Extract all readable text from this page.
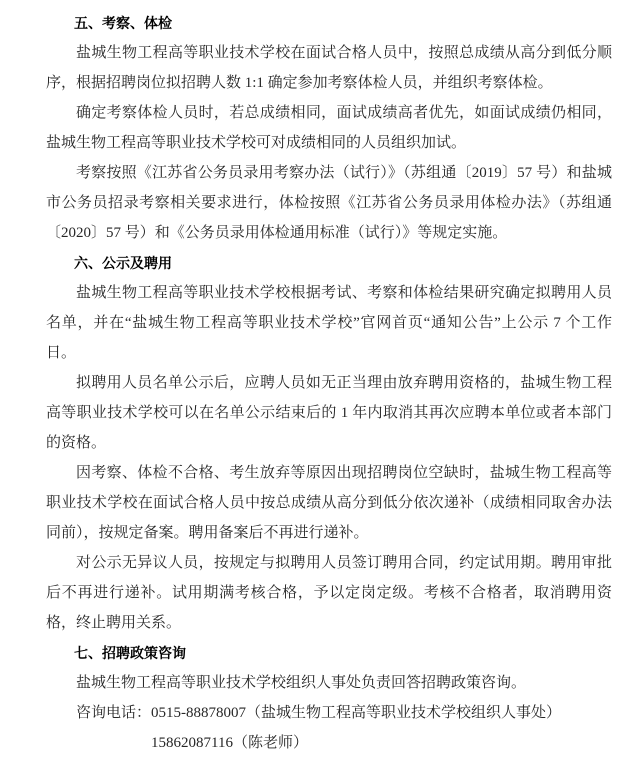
五、考察、体检

盐城生物工程高等职业技术学校在面试合格人员中，按照总成绩从高分到低分顺序，根据招聘岗位拟招聘人数 1:1 确定参加考察体检人员，并组织考察体检。

确定考察体检人员时，若总成绩相同，面试成绩高者优先，如面试成绩仍相同，盐城生物工程高等职业技术学校可对成绩相同的人员组织加试。

考察按照《江苏省公务员录用考察办法（试行）》（苏组通〔2019〕57 号）和盐城市公务员招录考察相关要求进行，体检按照《江苏省公务员录用体检办法》（苏组通〔2020〕57 号）和《公务员录用体检通用标准（试行）》等规定实施。

六、公示及聘用

盐城生物工程高等职业技术学校根据考试、考察和体检结果研究确定拟聘用人员名单，并在“盐城生物工程高等职业技术学校”官网首页“通知公告”上公示 7 个工作日。

拟聘用人员名单公示后，应聘人员如无正当理由放弃聘用资格的，盐城生物工程高等职业技术学校可以在名单公示结束后的 1 年内取消其再次应聘本单位或者本部门的资格。

因考察、体检不合格、考生放弃等原因出现招聘岗位空缺时，盐城生物工程高等职业技术学校在面试合格人员中按总成绩从高分到低分依次递补（成绩相同取舍办法同前），按规定备案。聘用备案后不再进行递补。

对公示无异议人员，按规定与拟聘用人员签订聘用合同，约定试用期。聘用审批后不再进行递补。试用期满考核合格，予以定岗定级。考核不合格者，取消聘用资格，终止聘用关系。

七、招聘政策咨询

盐城生物工程高等职业技术学校组织人事处负责回答招聘政策咨询。

咨询电话：0515-88878007（盐城生物工程高等职业技术学校组织人事处）

15862087116（陈老师）
